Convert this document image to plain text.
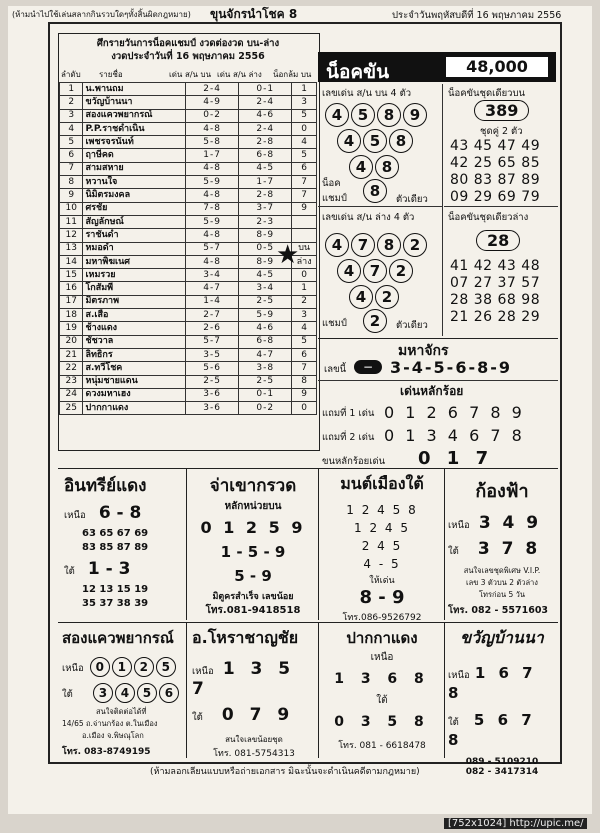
(ห้ามนำไปใช้เล่นสลากกินรวบใดๆทั้งสิ้นผิดกฎหมาย) ขุนจักรนำโชค 8	ประจำวันพฤหัสบดีที่ 16 พฤษภาคม 2556
ศึกรายวันการน็อคแชมป์ งวดต่องวด บน-ล่าง
งวดประจำวันที่ 16 พฤษภาคม 2556
ลำดับ รายชื่อ	เด่น ส/น บน เด่น ส/น ล่าง น็อกล้ม บน
1	น.พานถม	2-4	0-1	1
2	ขวัญบ้านนา	4-9	2-4	3
3	สองแควพยากรณ์	0-2	4-6	5
4	P.P.ราชดำเนิน	4-8	2-4	0
5	เพชรจรนันท์	5-8	2-8	4
6	ฤาษีคด	1-7	6-8	5
7	สามสหาย	4-8	4-5	6
8	หวานใจ	5-9	1-7	7
9	นิมิตรมงคล	4-8	2-8	7
10	ศรชัย	7-8	3-7	9
11	สัญลักษณ์	5-9	2-3	
12	ราชันดำ	4-8	8-9	
13	หมอดำ	5-7	0-5	บน
14	มหาพิฆเนศ	4-8	8-9	ล่าง
15	เหมรวย	3-4	4-5	0
16	โกสัมพี	4-7	3-4	1
17	มิตรภาพ	1-4	2-5	2
18	ส.เสือ	2-7	5-9	3
19	ช้างแดง	2-6	4-6	4
20	ชัชวาล	5-7	6-8	5
21	ลิทธิกร	3-5	4-7	6
22	ส.ทวีโชค	5-6	3-8	7
23	หนุ่มชายแดน	2-5	2-5	8
24	ดวงมหาเฮง	3-6	0-1	9
25	ปากกาแดง	3-6	0-2	0
★
น็อคขัน	48,000
เลขเด่น ส/น บน 4 ตัว
4 5 8 9
4 5 8
4 8
น็อค แชมป์	8	ตัวเดียว
เลขเด่น ส/น ล่าง 4 ตัว
4 7 8 2
4 7 2
4 2
แชมป์	2	ตัวเดียว
น็อคขันชุดเดียวบน
389
ชุดคู่ 2 ตัว
43 45 47 49
42 25 65 85
80 83 87 89
09 29 69 79
น็อคขันชุดเดียวล่าง
28
41 42 43 48
07 27 37 57
28 38 68 98
21 26 28 29
มหาจักร
เลขนี้	−	3-4-5-6-8-9
เด่นหลักร้อย
แถมที่ 1 เด่น 0 1 2 6 7 8 9
แถมที่ 2 เด่น 0 1 3 4 6 7 8
ขนหลักร้อยเด่น 0 1 7
อินทรีย์แดง
เหนือ 6 - 8
63 65 67 69
83 85 87 89
ใต้ 1 - 3
12 13 15 19
35 37 38 39
จ่าเขากรวด
หลักหน่วยบน
0 1 2 5 9
1 - 5 - 9
5 - 9
มิตูครสำเร็จ เลขน้อย
โทร.081-9418518
มนต์เมืองใต้
1 2 4 5 8
1 2 4 5
2 4 5
4 - 5
ให้เด่น
8 - 9
โทร.086-9526792
ก้องฟ้า
เหนือ 3 4 9
ใต้ 3 7 8
สนใจเลขชุดพิเศษ V.I.P.
เลข 3 ตัวบน 2 ตัวล่าง
โทรก่อน 5 วัน
โทร. 082 - 5571603
สองแควพยากรณ์
เหนือ 0 1 2 5
ใต้ 3 4 5 6
สนใจติดต่อได้ที่
14/65 ถ.จ่านกร้อง ต.ในเมือง
อ.เมือง จ.พิษณุโลก
โทร. 083-8749195
อ.โหราชาญชัย
เหนือ 1 3 5 7
ใต้ 0 7 9
สนใจเลขน้อยชุด
โทร. 081-5754313
ปากกาแดง
เหนือ
1 3 6 8
ใต้
0 3 5 8
โทร. 081 - 6618478
ขวัญบ้านนา
เหนือ 1 6 7 8
ใต้ 5 6 7 8
089 - 5109210
082 - 3417314
(ห้ามลอกเลียนแบบหรือถ่ายเอกสาร มิฉะนั้นจะดำเนินคดีตามกฎหมาย)
[752x1024] http://upic.me/
